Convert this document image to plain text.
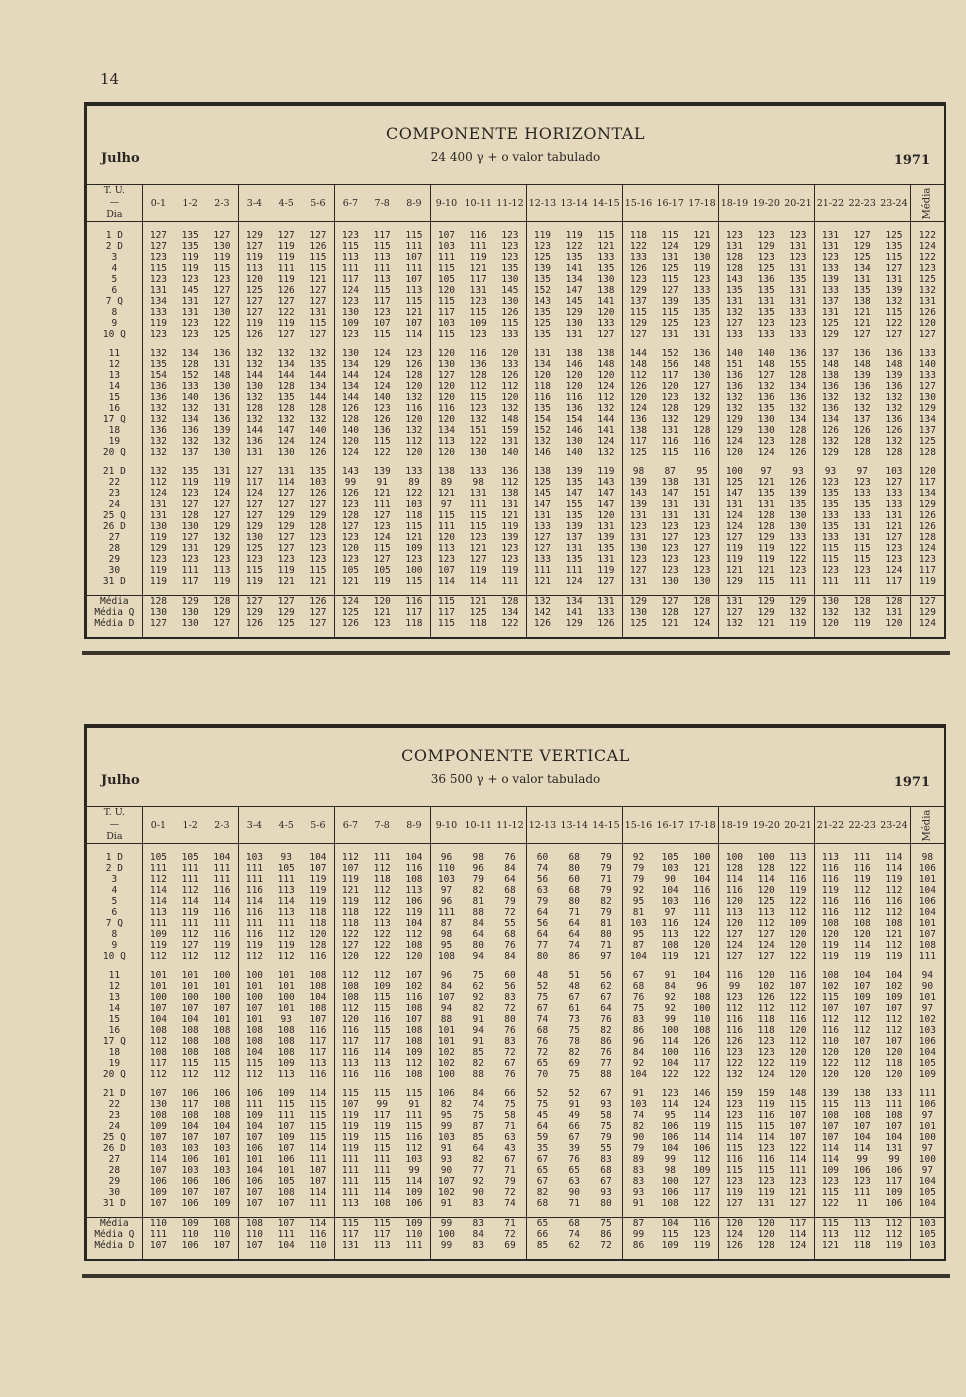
14
COMPONENTE HORIZONTAL
24 400 γ + o valor tabulado
Julho	1971
T. U.
—
Dia	0-1	1-2	2-3	3-4	4-5	5-6	6-7	7-8	8-9	9-10	10-11	11-12	12-13	13-14	14-15	15-16	16-17	17-18	18-19	19-20	20-21	21-22	22-23	23-24	Média

1 D	127	135	127	129	127	127	123	117	115	107	116	123	119	119	115	118	115	121	123	123	123	131	127	125	122
2 D	127	135	130	127	119	126	115	115	111	103	111	123	123	122	121	122	124	129	131	129	131	131	129	135	124
3	123	119	119	119	119	115	113	113	107	111	119	123	125	135	133	133	131	130	128	123	123	123	125	115	122
4	115	119	115	113	111	115	111	111	111	115	121	135	139	141	135	126	125	119	128	125	131	133	134	127	123
5	123	123	123	120	119	121	117	113	107	105	117	130	135	134	130	123	115	123	143	136	135	139	131	131	125
6	131	145	127	125	126	127	124	115	113	120	131	145	152	147	138	129	127	133	135	135	131	133	135	139	132
7 Q	134	131	127	127	127	127	123	117	115	115	123	130	143	145	141	137	139	135	131	131	131	137	138	132	131
8	133	131	130	127	122	131	130	123	121	117	115	126	135	129	120	115	115	135	132	135	133	131	121	115	126
9	119	123	122	119	119	115	109	107	107	103	109	115	125	130	133	129	125	123	127	123	123	125	121	122	120
10 Q	123	123	125	126	127	127	123	115	114	115	123	133	135	131	127	127	131	131	133	133	133	129	127	127	127

11	132	134	136	132	132	132	130	124	123	120	116	120	131	138	138	144	152	136	140	140	136	137	136	136	133
12	135	128	131	132	134	135	134	129	126	130	136	133	134	146	148	148	156	148	151	148	155	148	148	148	140
13	154	152	148	144	144	144	144	124	128	127	128	126	120	120	120	112	117	130	136	127	128	138	139	139	133
14	136	133	130	130	128	134	134	124	120	120	112	112	118	120	124	126	120	127	136	132	134	136	136	136	127
15	136	140	136	132	135	144	144	140	132	120	115	120	116	116	112	120	123	132	132	136	136	132	132	132	130
16	132	132	131	128	128	128	126	123	116	116	123	132	135	136	132	124	128	129	132	135	132	136	132	132	129
17 Q	132	134	136	132	132	132	128	126	120	120	132	148	154	154	144	136	132	129	129	130	134	134	137	136	134
18	136	136	139	144	147	140	140	136	132	134	151	159	152	146	141	138	131	128	129	130	128	126	126	126	137
19	132	132	132	136	124	124	120	115	112	113	122	131	132	130	124	117	116	116	124	123	128	132	128	132	125
20 Q	132	137	130	131	130	126	124	122	120	120	130	140	146	140	132	125	115	116	120	124	126	129	128	128	128

21 D	132	135	131	127	131	135	143	139	133	138	133	136	138	139	119	98	87	95	100	97	93	93	97	103	120
22	112	119	119	117	114	103	99	91	89	89	98	112	125	135	143	139	138	131	125	121	126	123	123	127	117
23	124	123	124	124	127	126	126	121	122	121	131	138	145	147	147	143	147	151	147	135	139	135	133	133	134
24	131	127	127	127	127	127	123	111	103	97	111	131	147	155	147	139	131	131	131	131	135	135	135	133	129
25 Q	131	128	127	127	129	129	128	127	118	115	115	121	131	135	120	131	131	131	124	128	130	133	133	131	126
26 D	130	130	129	129	129	128	127	123	115	111	115	119	133	139	131	123	123	123	124	128	130	135	131	121	126
27	119	127	132	130	127	123	123	124	121	120	123	139	127	137	139	131	127	123	127	129	133	133	131	127	128
28	129	131	129	125	127	123	120	115	109	113	121	123	127	131	135	130	123	127	119	119	122	115	115	123	124
29	123	123	123	123	123	123	123	127	123	123	127	123	133	135	131	123	123	123	119	119	122	115	115	123	123
30	119	111	113	115	119	115	105	105	100	107	119	119	111	111	119	127	123	123	121	121	123	123	123	124	117
31 D	119	117	119	119	121	121	121	119	115	114	114	111	121	124	127	131	130	130	129	115	111	111	111	117	119

Média	128	129	128	127	127	126	124	120	116	115	121	128	132	134	131	129	127	128	131	129	129	130	128	128	127
Média Q	130	130	129	129	129	127	125	121	117	117	125	134	142	141	133	130	128	127	127	129	132	132	132	131	129
Média D	127	130	127	126	125	127	126	123	118	115	118	122	126	129	126	125	121	124	132	121	119	120	119	120	124

COMPONENTE VERTICAL
36 500 γ + o valor tabulado
Julho	1971
T. U.
—
Dia	0-1	1-2	2-3	3-4	4-5	5-6	6-7	7-8	8-9	9-10	10-11	11-12	12-13	13-14	14-15	15-16	16-17	17-18	18-19	19-20	20-21	21-22	22-23	23-24	Média

1 D	105	105	104	103	93	104	112	111	104	96	98	76	60	68	79	92	105	100	100	100	113	113	111	114	98
2 D	111	111	111	111	105	107	107	112	116	110	96	84	74	80	79	79	103	121	128	128	122	116	116	114	106
3	112	111	111	111	111	119	119	118	108	103	79	64	56	60	71	79	90	104	114	114	116	116	119	119	101
4	114	112	116	116	113	119	121	112	113	97	82	68	63	68	79	92	104	116	116	120	119	119	112	112	104
5	114	114	114	114	114	119	119	112	106	96	81	79	79	80	82	95	103	116	120	125	122	116	116	116	106
6	113	119	116	116	113	118	118	122	119	111	88	72	64	71	79	81	97	111	113	113	112	116	112	112	104
7 Q	111	111	111	111	111	118	118	113	104	87	84	55	56	64	81	103	116	124	120	112	109	108	108	108	101
8	109	112	116	116	112	120	122	122	112	98	64	68	64	64	80	95	113	122	127	127	120	120	120	121	107
9	119	127	119	119	119	128	127	122	108	95	80	76	77	74	71	87	108	120	124	124	120	119	114	112	108
10 Q	112	112	112	112	112	116	120	122	120	108	94	84	80	86	97	104	119	121	127	127	122	119	119	119	111

11	101	101	100	100	101	108	112	112	107	96	75	60	48	51	56	67	91	104	116	120	116	108	104	104	94
12	101	101	101	101	101	108	108	109	102	84	62	56	52	48	62	68	84	96	99	102	107	102	107	102	90
13	100	100	100	100	100	104	108	115	116	107	92	83	75	67	67	76	92	108	123	126	122	115	109	109	101
14	107	107	107	107	101	108	112	115	108	94	82	72	67	61	64	75	92	100	112	112	112	107	107	107	97
15	104	104	101	101	93	107	120	116	107	88	91	80	74	73	76	83	99	110	116	118	116	112	112	112	102
16	108	108	108	108	108	116	116	115	108	101	94	76	68	75	82	86	100	108	116	118	120	116	112	112	103
17 Q	112	108	108	108	108	117	117	117	108	101	91	83	76	78	86	96	114	126	126	123	112	110	107	107	106
18	108	108	108	104	108	117	116	114	109	102	85	72	72	82	76	84	100	116	123	123	120	120	120	120	104
19	117	115	115	115	109	113	113	113	112	102	82	67	65	69	77	92	104	117	122	122	119	122	112	118	105
20 Q	112	112	112	112	113	116	116	116	108	100	88	76	70	75	88	104	122	122	132	124	120	120	120	120	109

21 D	107	106	106	106	109	114	115	115	115	106	84	66	52	52	67	91	123	146	159	159	148	139	138	133	111
22	130	117	108	111	115	115	107	99	91	82	74	75	75	91	93	103	114	124	123	119	115	115	113	111	106
23	108	108	108	109	111	115	119	117	111	95	75	58	45	49	58	74	95	114	123	116	107	108	108	108	97
24	109	104	104	104	107	115	119	119	115	99	87	71	64	66	75	82	106	119	115	115	107	107	107	107	101
25 Q	107	107	107	107	109	115	119	115	116	103	85	63	59	67	79	90	106	114	114	114	107	107	104	104	100
26 D	103	103	103	106	107	114	119	115	112	91	64	43	35	39	55	79	104	106	115	123	122	114	114	131	97
27	114	106	101	101	106	111	111	111	103	93	82	67	67	76	83	89	99	112	116	116	114	114	99	99	100
28	107	103	103	104	101	107	111	111	99	90	77	71	65	65	68	83	98	109	115	115	111	109	106	106	97
29	106	106	106	106	105	107	111	115	114	107	92	79	67	63	67	83	100	127	123	123	123	123	123	117	104
30	109	107	107	107	108	114	111	114	109	102	90	72	82	90	93	93	106	117	119	119	121	115	111	109	105
31 D	107	106	109	107	107	111	113	108	106	91	83	74	68	71	80	91	108	122	127	131	127	122	11	106	104

Média	110	109	108	108	107	114	115	115	109	99	83	71	65	68	75	87	104	116	120	120	117	115	113	112	103
Média Q	111	110	110	110	111	116	117	117	110	100	84	72	66	74	86	99	115	123	124	120	114	113	112	112	105
Média D	107	106	107	107	104	110	131	113	111	99	83	69	85	62	72	86	109	119	126	128	124	121	118	119	103
